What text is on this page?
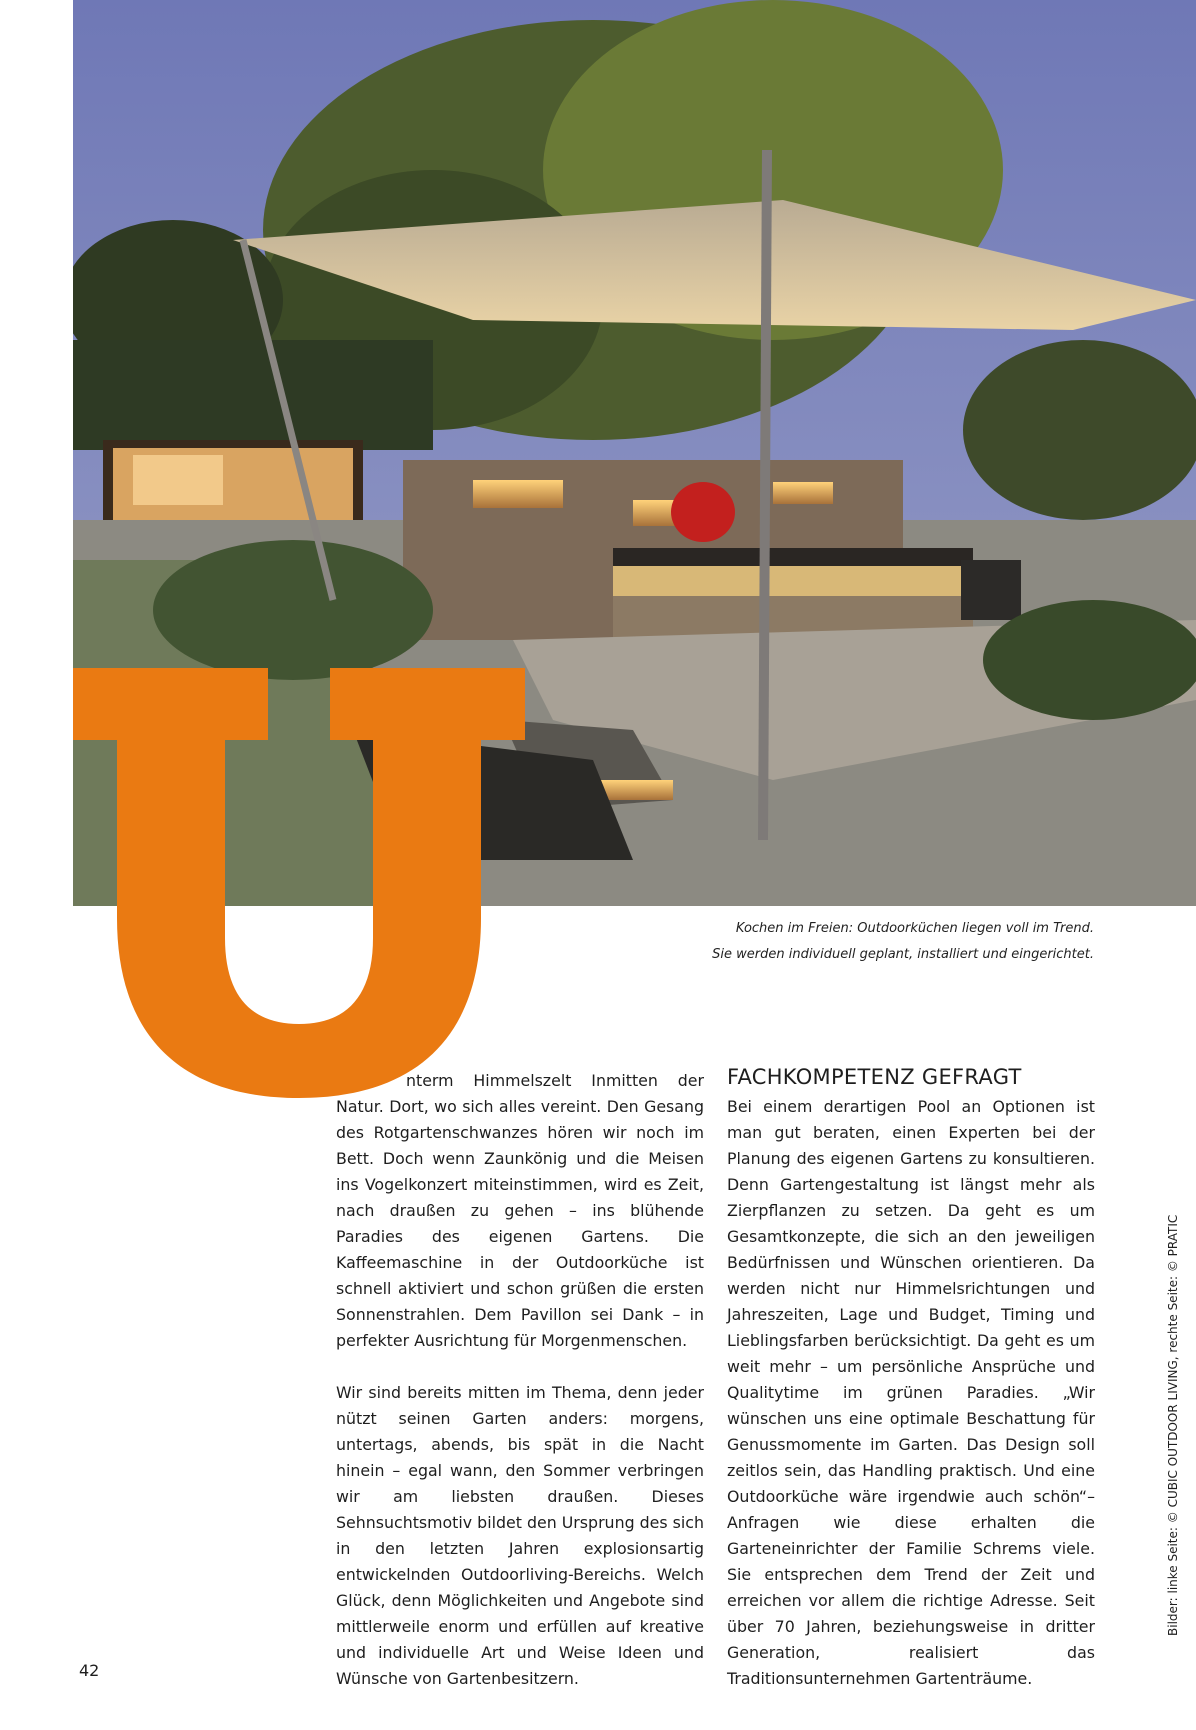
Kochen im Freien: Outdoorküchen liegen voll im Trend.

Sie werden individuell geplant, installiert und eingerichtet.

nterm Himmelszelt Inmitten der Natur. Dort, wo sich alles vereint. Den Gesang des Rotgartenschwanzes hören wir noch im Bett. Doch wenn Zaunkönig und die Meisen ins Vogelkonzert miteinstimmen, wird es Zeit, nach draußen zu gehen – ins blühende Paradies des eigenen Gartens. Die Kaffeemaschine in der Outdoorküche ist schnell aktiviert und schon grüßen die ersten Sonnenstrahlen. Dem Pavillon sei Dank – in perfekter Ausrichtung für Morgenmenschen.

Wir sind bereits mitten im Thema, denn jeder nützt seinen Garten anders: morgens, untertags, abends, bis spät in die Nacht hinein – egal wann, den Sommer verbringen wir am liebsten draußen. Dieses Sehnsuchtsmotiv bildet den Ursprung des sich in den letzten Jahren explosionsartig entwickelnden Outdoorliving-Bereichs. Welch Glück, denn Möglichkeiten und Angebote sind mittlerweile enorm und erfüllen auf kreative und individuelle Art und Weise Ideen und Wünsche von Gartenbesitzern.

FACHKOMPETENZ GEFRAGT

Bei einem derartigen Pool an Optionen ist man gut beraten, einen Experten bei der Planung des eigenen Gartens zu konsultieren. Denn Gartengestaltung ist längst mehr als Zierpflanzen zu setzen. Da geht es um Gesamtkonzepte, die sich an den jeweiligen Bedürfnissen und Wünschen orientieren. Da werden nicht nur Himmelsrichtungen und Jahreszeiten, Lage und Budget, Timing und Lieblingsfarben berücksichtigt. Da geht es um weit mehr – um persönliche Ansprüche und Qualitytime im grünen Paradies. „Wir wünschen uns eine optimale Beschattung für Genussmomente im Garten. Das Design soll zeitlos sein, das Handling praktisch. Und eine Outdoorküche wäre irgendwie auch schön“– Anfragen wie diese erhalten die Garteneinrichter der Familie Schrems viele. Sie entsprechen dem Trend der Zeit und erreichen vor allem die richtige Adresse. Seit über 70 Jahren, beziehungsweise in dritter Generation, realisiert das Traditionsunternehmen Gartenträume.

42
Bilder: linke Seite: © CUBIC OUTDOOR LIVING, rechte Seite: © PRATIC
